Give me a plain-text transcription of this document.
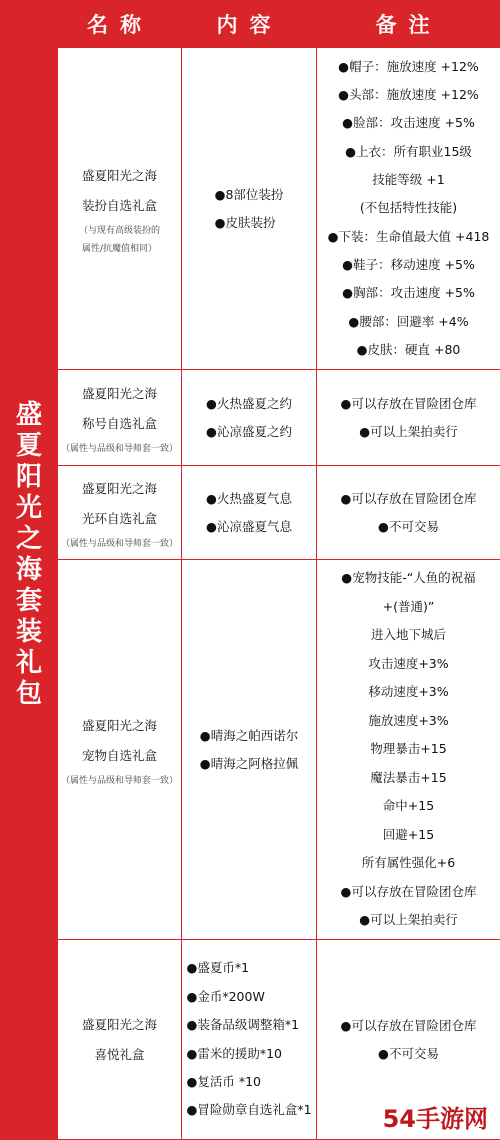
名称	内容	备注
盛
夏
阳
光
之
海
套
装
礼
包
盛夏阳光之海
装扮自选礼盒
（与现有高级装扮的
属性/抗魔值相同）
●8部位装扮
●皮肤装扮
●帽子：施放速度 +12%
●头部：施放速度 +12%
●脸部：攻击速度 +5%
●上衣：所有职业15级
技能等级 +1
(不包括特性技能)
●下装：生命值最大值 +418
●鞋子：移动速度 +5%
●胸部：攻击速度 +5%
●腰部：回避率 +4%
●皮肤：硬直 +80
盛夏阳光之海
称号自选礼盒
（属性与品级和导师套一致）
●火热盛夏之约
●沁凉盛夏之约
●可以存放在冒险团仓库
●可以上架拍卖行
盛夏阳光之海
光环自选礼盒
（属性与品级和导师套一致）
●火热盛夏气息
●沁凉盛夏气息
●可以存放在冒险团仓库
●不可交易
盛夏阳光之海
宠物自选礼盒
（属性与品级和导师套一致）
●晴海之帕西诺尔
●晴海之阿格拉佩
●宠物技能-“人鱼的祝福
+(普通)”
进入地下城后
攻击速度+3%
移动速度+3%
施放速度+3%
物理暴击+15
魔法暴击+15
命中+15
回避+15
所有属性强化+6
●可以存放在冒险团仓库
●可以上架拍卖行
盛夏阳光之海
喜悦礼盒
●盛夏币*1
●金币*200W
●装备品级调整箱*1
●雷米的援助*10
●复活币 *10
●冒险勋章自选礼盒*1
●可以存放在冒险团仓库
●不可交易
54手游网
